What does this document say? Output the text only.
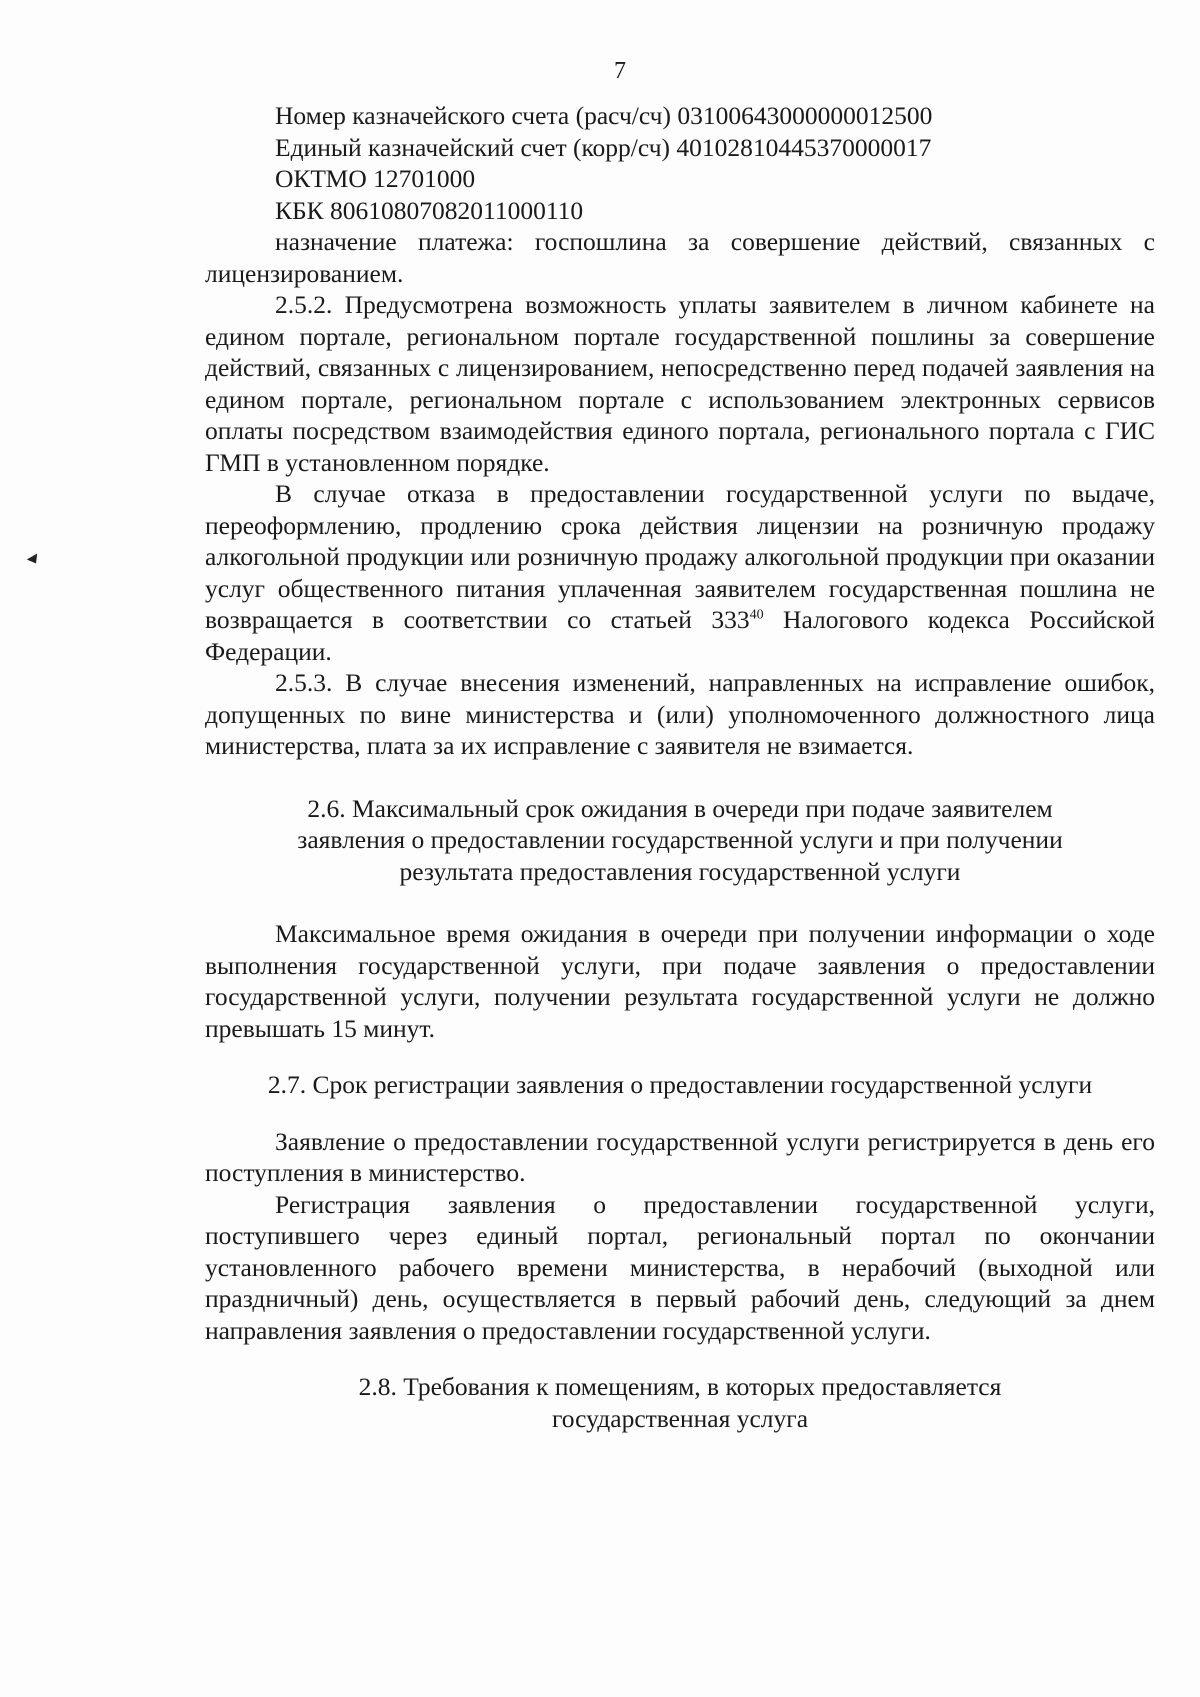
7

Номер казначейского счета (расч/сч) 03100643000000012500

Единый казначейский счет (корр/сч) 40102810445370000017

ОКТМО 12701000

КБК 80610807082011000110

назначение платежа: госпошлина за совершение действий, связанных с лицензированием.

2.5.2. Предусмотрена возможность уплаты заявителем в личном кабинете на едином портале, региональном портале государственной пошлины за совершение действий, связанных с лицензированием, непосредственно перед подачей заявления на едином портале, региональном портале с использованием электронных сервисов оплаты посредством взаимодействия единого портала, регионального портала с ГИС ГМП в установленном порядке.

В случае отказа в предоставлении государственной услуги по выдаче, переоформлению, продлению срока действия лицензии на розничную продажу алкогольной продукции или розничную продажу алкогольной продукции при оказании услуг общественного питания уплаченная заявителем государственная пошлина не возвращается в соответствии со статьей $333^{40}$ Налогового кодекса Российской Федерации.

2.5.3. В случае внесения изменений, направленных на исправление ошибок, допущенных по вине министерства и (или) уполномоченного должностного лица министерства, плата за их исправление с заявителя не взимается.

2.6. Максимальный срок ожидания в очереди при подаче заявителем

заявления о предоставлении государственной услуги и при получении

результата предоставления государственной услуги

Максимальное время ожидания в очереди при получении информации о ходе выполнения государственной услуги, при подаче заявления о предоставлении государственной услуги, получении результата государственной услуги не должно превышать 15 минут.

2.7. Срок регистрации заявления о предоставлении государственной услуги

Заявление о предоставлении государственной услуги регистрируется в день его поступления в министерство.

Регистрация заявления о предоставлении государственной услуги, поступившего через единый портал, региональный портал по окончании установленного рабочего времени министерства, в нерабочий (выходной или праздничный) день, осуществляется в первый рабочий день, следующий за днем направления заявления о предоставлении государственной услуги.

2.8. Требования к помещениям, в которых предоставляется

государственная услуга
